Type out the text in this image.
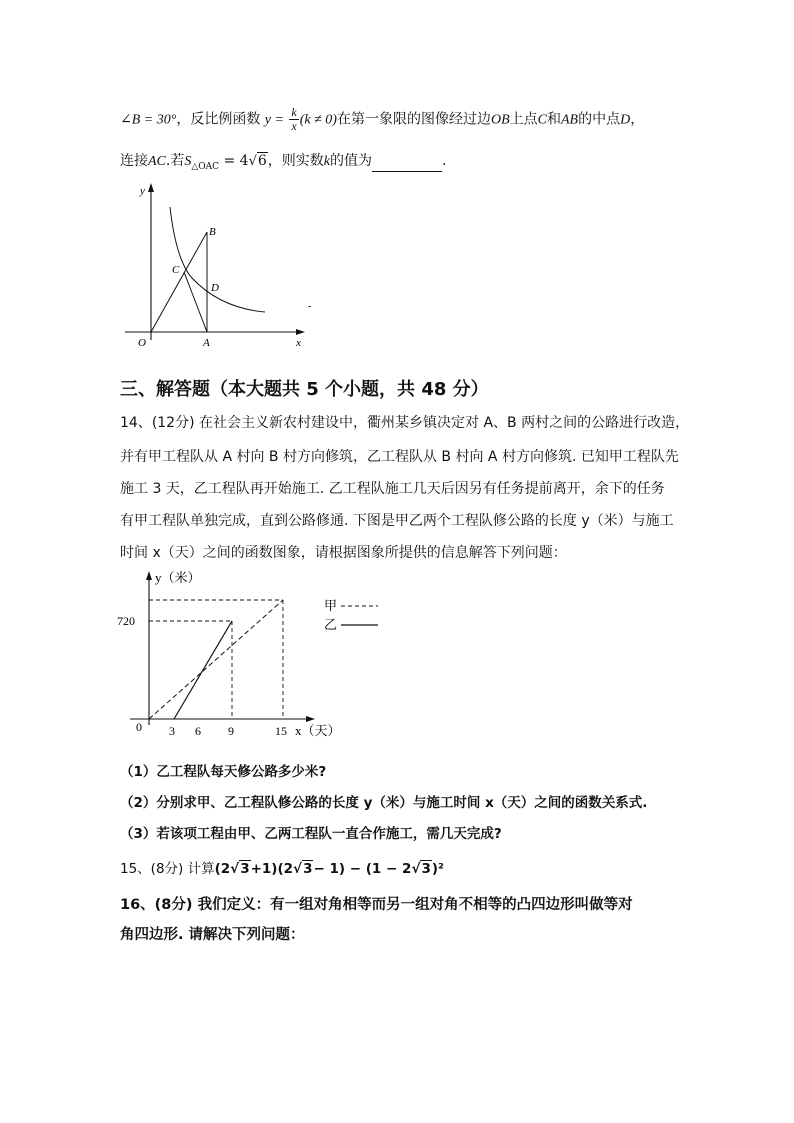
∠B = 30°，反比例函数 $y = \frac{k}{x} (k \ne 0)$在第一象限的图像经过边OB上点C和AB的中点D，
连接AC.若$S_{\triangle OAC} = 4√6$，则实数k的值为	.
y
x
O	A
B
C
D
-
三、解答题（本大题共 5 个小题，共 48 分）
14、(12分) 在社会主义新农村建设中，衢州某乡镇决定对 A、B 两村之间的公路进行改造，
并有甲工程队从 A 村向 B 村方向修筑，乙工程队从 B 村向 A 村方向修筑. 已知甲工程队先
施工 3 天，乙工程队再开始施工. 乙工程队施工几天后因另有任务提前离开，余下的任务
有甲工程队单独完成，直到公路修通. 下图是甲乙两个工程队修公路的长度 y（米）与施工
时间 x（天）之间的函数图象，请根据图象所提供的信息解答下列问题：
y（米）
x（天）
0
720
3 6 9	15
甲
乙
（1）乙工程队每天修公路多少米?
（2）分别求甲、乙工程队修公路的长度 y（米）与施工时间 x（天）之间的函数关系式.
（3）若该项工程由甲、乙两工程队一直合作施工，需几天完成?
15、(8分) 计算(2√3+1)(2√3− 1) − (1 − 2√3)²
16、(8分) 我们定义：有一组对角相等而另一组对角不相等的凸四边形叫做等对
角四边形. 请解决下列问题：
